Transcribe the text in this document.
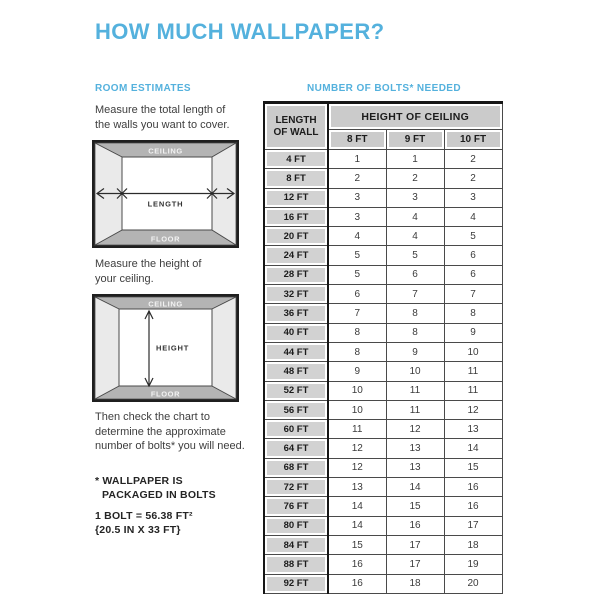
HOW MUCH WALLPAPER?
ROOM ESTIMATES
Measure the total length of
the walls you want to cover.
CEILING
FLOOR
LENGTH
Measure the height of
your ceiling.
HEIGHT
CEILING
FLOOR
Then check the chart to
determine the approximate
number of bolts* you will need.
* WALLPAPER IS
PACKAGED IN BOLTS
1 BOLT = 56.38 FT²
{20.5 IN X 33 FT}
NUMBER OF BOLTS* NEEDED
LENGTH
OF WALL	HEIGHT OF CEILING		
	8 FT	9 FT	10 FT
4 FT	1	1	2
8 FT	2	2	2
12 FT	3	3	3
16 FT	3	4	4
20 FT	4	4	5
24 FT	5	5	6
28 FT	5	6	6
32 FT	6	7	7
36 FT	7	8	8
40 FT	8	8	9
44 FT	8	9	10
48 FT	9	10	11
52 FT	10	11	11
56 FT	10	11	12
60 FT	11	12	13
64 FT	12	13	14
68 FT	12	13	15
72 FT	13	14	16
76 FT	14	15	16
80 FT	14	16	17
84 FT	15	17	18
88 FT	16	17	19
92 FT	16	18	20
